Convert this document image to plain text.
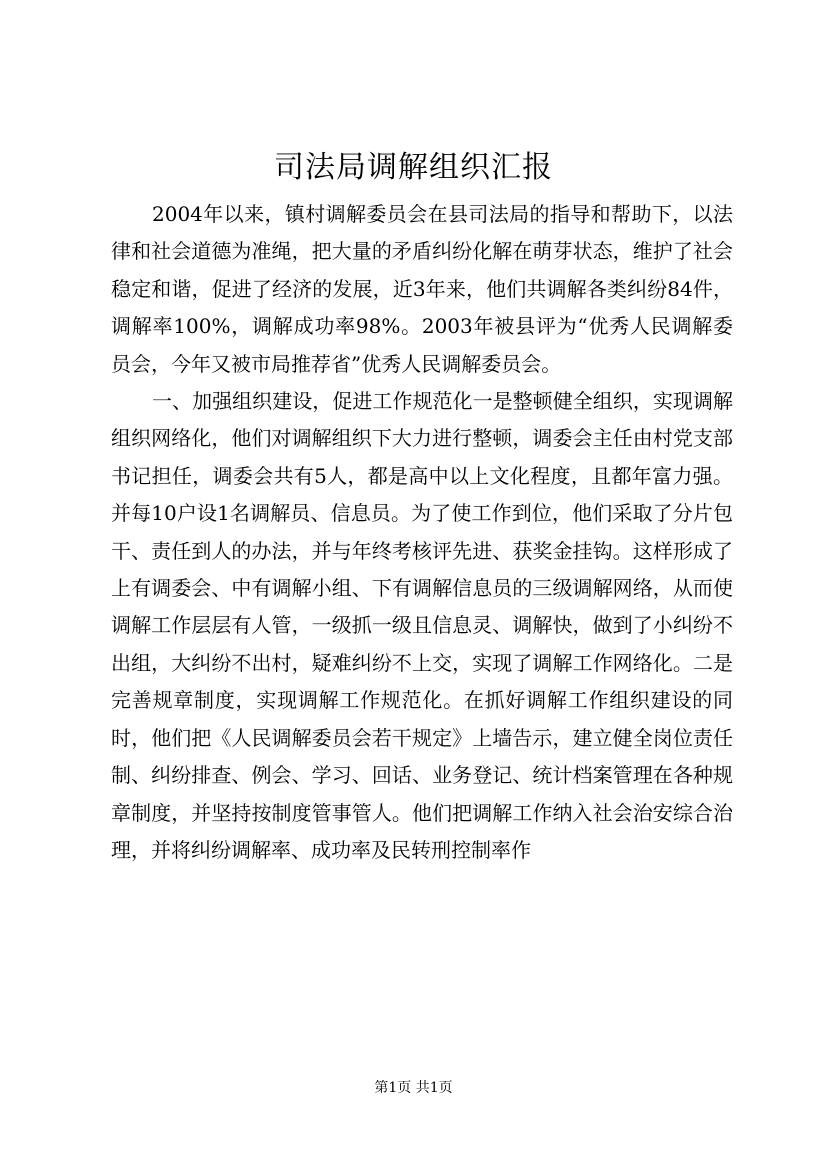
司法局调解组织汇报

2004年以来，镇村调解委员会在县司法局的指导和帮助下，以法律和社会道德为准绳，把大量的矛盾纠纷化解在萌芽状态，维护了社会稳定和谐，促进了经济的发展，近3年来，他们共调解各类纠纷84件，调解率100%，调解成功率98%。2003年被县评为“优秀人民调解委员会，今年又被市局推荐省”优秀人民调解委员会。

一、加强组织建设，促进工作规范化一是整顿健全组织，实现调解组织网络化，他们对调解组织下大力进行整顿，调委会主任由村党支部书记担任，调委会共有5人，都是高中以上文化程度，且都年富力强。并每10户设1名调解员、信息员。为了使工作到位，他们采取了分片包干、责任到人的办法，并与年终考核评先进、获奖金挂钩。这样形成了上有调委会、中有调解小组、下有调解信息员的三级调解网络，从而使调解工作层层有人管，一级抓一级且信息灵、调解快，做到了小纠纷不出组，大纠纷不出村，疑难纠纷不上交，实现了调解工作网络化。二是完善规章制度，实现调解工作规范化。在抓好调解工作组织建设的同时，他们把《人民调解委员会若干规定》上墙告示，建立健全岗位责任制、纠纷排查、例会、学习、回话、业务登记、统计档案管理在各种规章制度，并坚持按制度管事管人。他们把调解工作纳入社会治安综合治理，并将纠纷调解率、成功率及民转刑控制率作

第1页 共1页
